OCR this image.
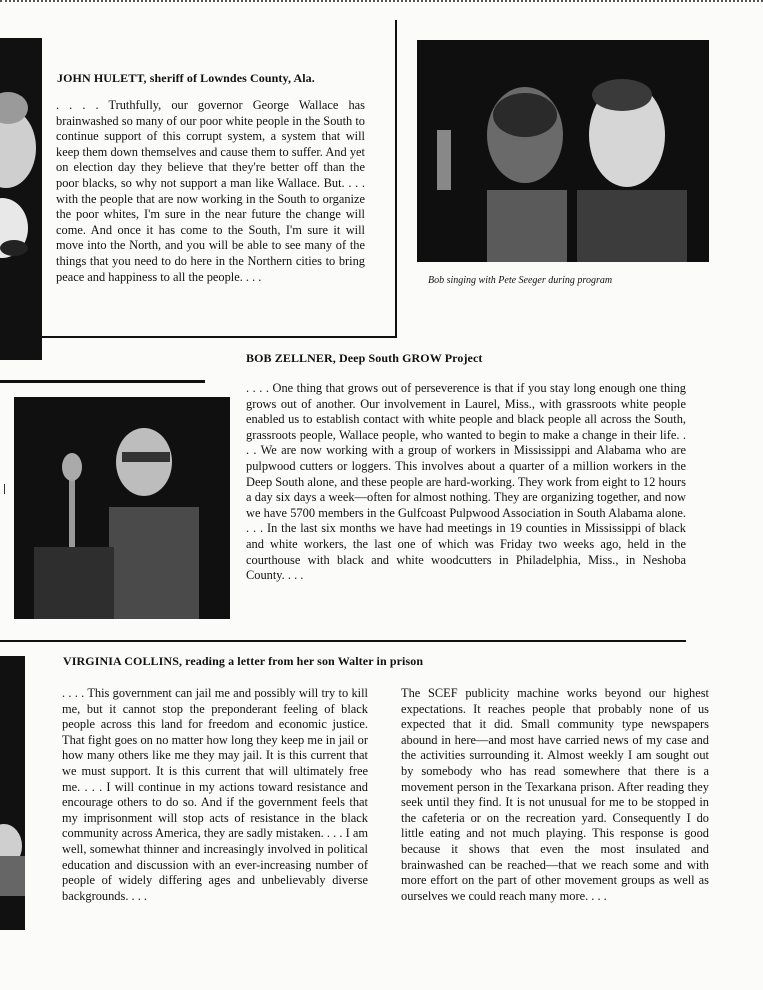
JOHN HULETT, sheriff of Lowndes County, Ala.
. . . . Truthfully, our governor George Wallace has brainwashed so many of our poor white people in the South to continue support of this corrupt system, a system that will keep them down themselves and cause them to suffer. And yet on election day they believe that they're better off than the poor blacks, so why not support a man like Wallace. But. . . . with the people that are now working in the South to organize the poor whites, I'm sure in the near future the change will come. And once it has come to the South, I'm sure it will move into the North, and you will be able to see many of the things that you need to do here in the Northern cities to bring peace and happiness to all the people. . . .	Bob singing with Pete Seeger during program
BOB ZELLNER, Deep South GROW Project
. . . . One thing that grows out of perseverence is that if you stay long enough one thing grows out of another. Our involvement in Laurel, Miss., with grassroots white people enabled us to establish contact with white people and black people all across the South, grassroots people, Wallace people, who wanted to begin to make a change in their life. . . . We are now working with a group of workers in Mississippi and Alabama who are pulpwood cutters or loggers. This involves about a quarter of a million workers in the Deep South alone, and these people are hard-working. They work from eight to 12 hours a day six days a week—often for almost nothing. They are organizing together, and now we have 5700 members in the Gulfcoast Pulpwood Association in South Alabama alone. . . . In the last six months we have had meetings in 19 counties in Mississippi of black and white workers, the last one of which was Friday two weeks ago, held in the courthouse with black and white woodcutters in Philadelphia, Miss., in Neshoba County. . . .
VIRGINIA COLLINS, reading a letter from her son Walter in prison
. . . . This government can jail me and possibly will try to kill me, but it cannot stop the preponderant feeling of black people across this land for freedom and economic justice. That fight goes on no matter how long they keep me in jail or how many others like me they may jail. It is this current that we must support. It is this current that will ultimately free me. . . . I will continue in my actions toward resistance and encourage others to do so. And if the government feels that my imprisonment will stop acts of resistance in the black community across America, they are sadly mistaken. . . . I am well, somewhat thinner and increasingly involved in political education and discussion with an ever-increasing number of people of widely differing ages and unbelievably diverse backgrounds. . . .
The SCEF publicity machine works beyond our highest expectations. It reaches people that probably none of us expected that it did. Small community type newspapers abound in here—and most have carried news of my case and the activities surrounding it. Almost weekly I am sought out by somebody who has read somewhere that there is a movement person in the Texarkana prison. After reading they seek until they find. It is not unusual for me to be stopped in the cafeteria or on the recreation yard. Consequently I do little eating and not much playing. This response is good because it shows that even the most insulated and brainwashed can be reached—that we reach some and with more effort on the part of other movement groups as well as ourselves we could reach many more. . . .
